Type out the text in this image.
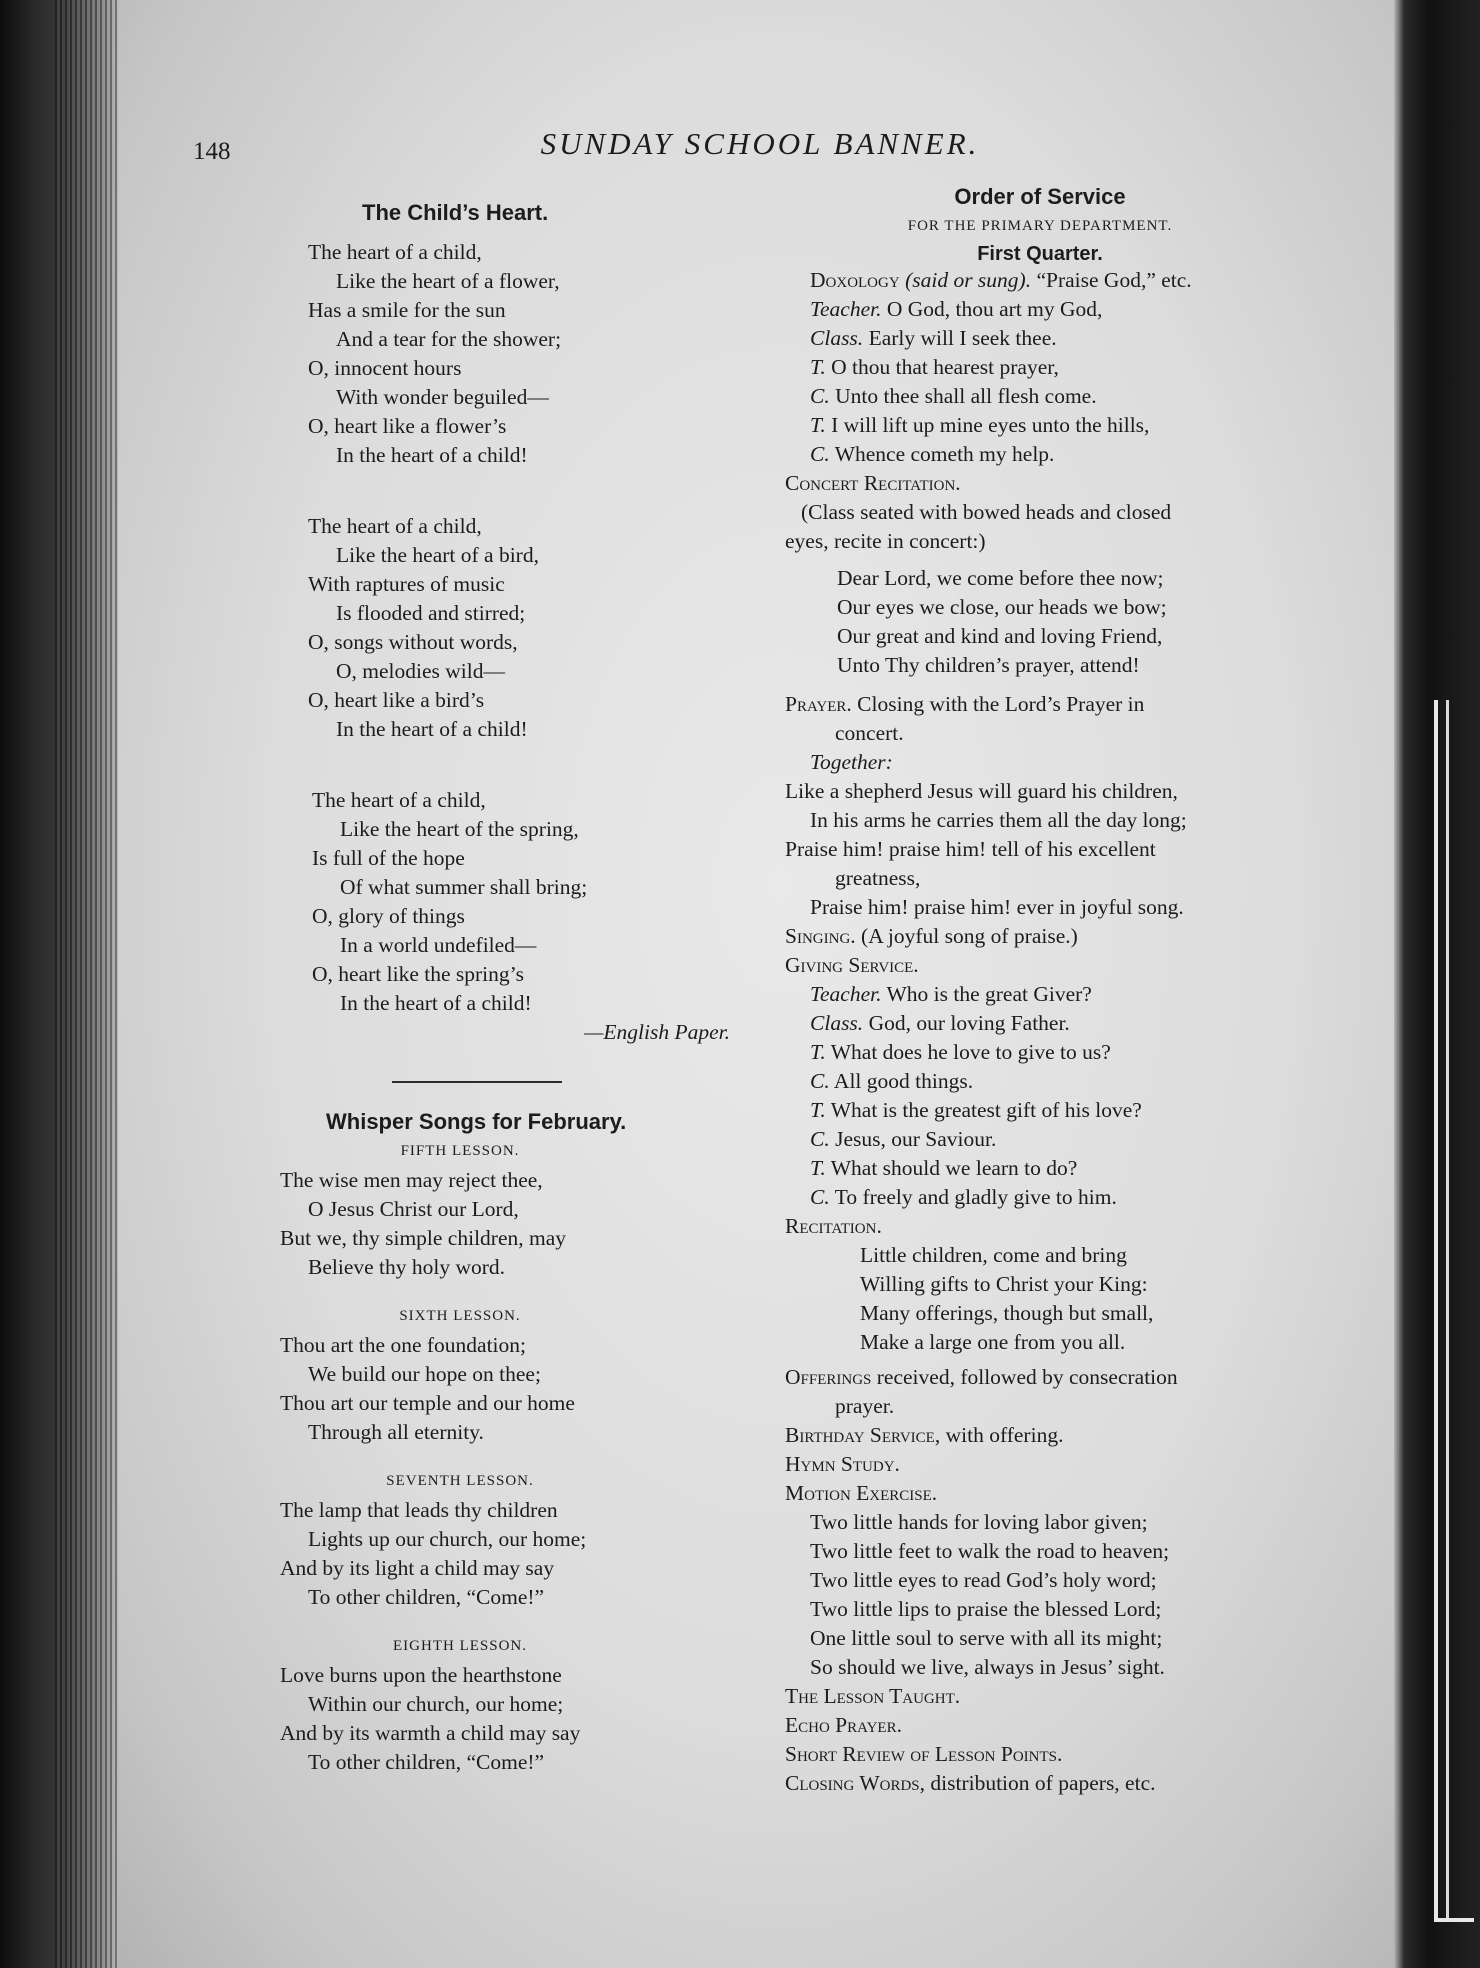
148	SUNDAY SCHOOL BANNER.
The Child’s Heart.
The heart of a child,
Like the heart of a flower,
Has a smile for the sun
And a tear for the shower;
O, innocent hours
With wonder beguiled—
O, heart like a flower’s
In the heart of a child!
The heart of a child,
Like the heart of a bird,
With raptures of music
Is flooded and stirred;
O, songs without words,
O, melodies wild—
O, heart like a bird’s
In the heart of a child!
The heart of a child,
Like the heart of the spring,
Is full of the hope
Of what summer shall bring;
O, glory of things
In a world undefiled—
O, heart like the spring’s
In the heart of a child!
—English Paper.
Whisper Songs for February.
FIFTH LESSON.
The wise men may reject thee,
O Jesus Christ our Lord,
But we, thy simple children, may
Believe thy holy word.
SIXTH LESSON.
Thou art the one foundation;
We build our hope on thee;
Thou art our temple and our home
Through all eternity.
SEVENTH LESSON.
The lamp that leads thy children
Lights up our church, our home;
And by its light a child may say
To other children, “Come!”
EIGHTH LESSON.
Love burns upon the hearthstone
Within our church, our home;
And by its warmth a child may say
To other children, “Come!”
Order of Service
FOR THE PRIMARY DEPARTMENT.
First Quarter.
Doxology (said or sung). “Praise God,” etc.
Teacher. O God, thou art my God,
Class. Early will I seek thee.
T. O thou that hearest prayer,
C. Unto thee shall all flesh come.
T. I will lift up mine eyes unto the hills,
C. Whence cometh my help.
Concert Recitation.
(Class seated with bowed heads and closed
eyes, recite in concert:)
Dear Lord, we come before thee now;
Our eyes we close, our heads we bow;
Our great and kind and loving Friend,
Unto Thy children’s prayer, attend!
Prayer. Closing with the Lord’s Prayer in
concert.
Together:
Like a shepherd Jesus will guard his children,
In his arms he carries them all the day long;
Praise him! praise him! tell of his excellent
greatness,
Praise him! praise him! ever in joyful song.
Singing. (A joyful song of praise.)
Giving Service.
Teacher. Who is the great Giver?
Class. God, our loving Father.
T. What does he love to give to us?
C. All good things.
T. What is the greatest gift of his love?
C. Jesus, our Saviour.
T. What should we learn to do?
C. To freely and gladly give to him.
Recitation.
Little children, come and bring
Willing gifts to Christ your King:
Many offerings, though but small,
Make a large one from you all.
Offerings received, followed by consecration
prayer.
Birthday Service, with offering.
Hymn Study.
Motion Exercise.
Two little hands for loving labor given;
Two little feet to walk the road to heaven;
Two little eyes to read God’s holy word;
Two little lips to praise the blessed Lord;
One little soul to serve with all its might;
So should we live, always in Jesus’ sight.
The Lesson Taught.
Echo Prayer.
Short Review of Lesson Points.
Closing Words, distribution of papers, etc.
